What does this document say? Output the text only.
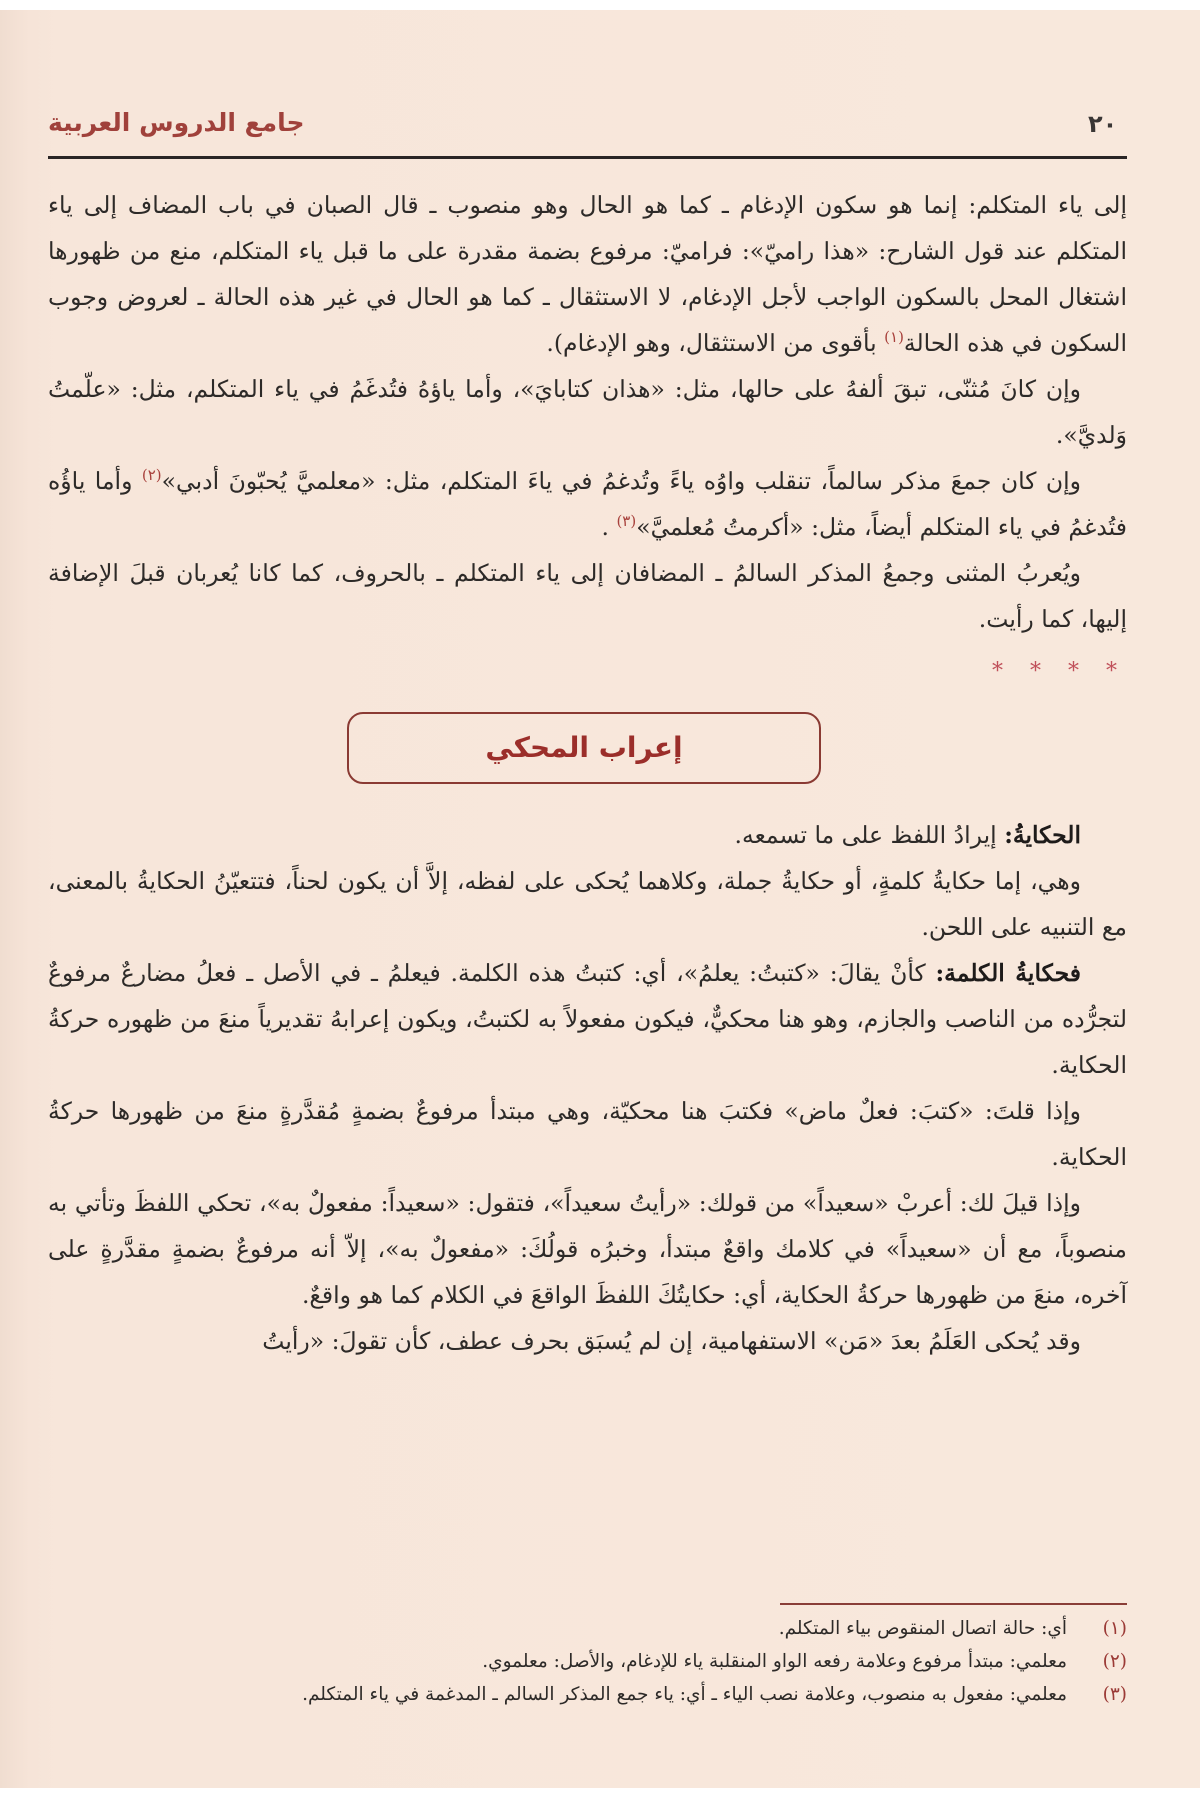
جامع الدروس العربية	٢٠

إلى ياء المتكلم: إنما هو سكون الإدغام ـ كما هو الحال وهو منصوب ـ قال الصبان في باب المضاف إلى ياء المتكلم عند قول الشارح: «هذا راميّ»: فراميّ: مرفوع بضمة مقدرة على ما قبل ياء المتكلم، منع من ظهورها اشتغال المحل بالسكون الواجب لأجل الإدغام، لا الاستثقال ـ كما هو الحال في غير هذه الحالة ـ لعروض وجوب السكون في هذه الحالة$^{(١)}$ بأقوى من الاستثقال، وهو الإدغام).

وإن كانَ مُثنّى، تبقَ ألفهُ على حالها، مثل: «هذان كتابايَ»، وأما ياؤهُ فتُدغَمُ في ياء المتكلم، مثل: «علّمتُ وَلديَّ».

وإن كان جمعَ مذكر سالماً، تنقلب واوُه ياءً وتُدغمُ في ياءَ المتكلم، مثل: «معلميَّ يُحبّونَ أدبي»$^{(٢)}$ وأما ياؤُه فتُدغمُ في ياء المتكلم أيضاً، مثل: «أكرمتُ مُعلميَّ»$^{(٣)}$ .

ويُعربُ المثنى وجمعُ المذكر السالمُ ـ المضافان إلى ياء المتكلم ـ بالحروف، كما كانا يُعربان قبلَ الإضافة إليها، كما رأيت.

* * * *
إعراب المحكي

الحكايةُ: إيرادُ اللفظ على ما تسمعه.

وهي، إما حكايةُ كلمةٍ، أو حكايةُ جملة، وكلاهما يُحكى على لفظه، إلاَّ أن يكون لحناً، فتتعيّنُ الحكايةُ بالمعنى، مع التنبيه على اللحن.

فحكايةُ الكلمة: كأنْ يقالَ: «كتبتُ: يعلمُ»، أي: كتبتُ هذه الكلمة. فيعلمُ ـ في الأصل ـ فعلُ مضارعٌ مرفوعٌ لتجرُّده من الناصب والجازم، وهو هنا محكيٌّ، فيكون مفعولاً به لكتبتُ، ويكون إعرابهُ تقديرياً منعَ من ظهوره حركةُ الحكاية.

وإذا قلتَ: «كتبَ: فعلٌ ماض» فكتبَ هنا محكيّة، وهي مبتدأ مرفوعٌ بضمةٍ مُقدَّرةٍ منعَ من ظهورها حركةُ الحكاية.

وإذا قيلَ لك: أعربْ «سعيداً» من قولك: «رأيتُ سعيداً»، فتقول: «سعيداً: مفعولٌ به»، تحكي اللفظَ وتأتي به منصوباً، مع أن «سعيداً» في كلامك واقعٌ مبتدأ، وخبرُه قولُكَ: «مفعولٌ به»، إلاّ أنه مرفوعٌ بضمةٍ مقدَّرةٍ على آخره، منعَ من ظهورها حركةُ الحكاية، أي: حكايتُكَ اللفظَ الواقعَ في الكلام كما هو واقعٌ.

وقد يُحكى العَلَمُ بعدَ «مَن» الاستفهامية، إن لم يُسبَق بحرف عطف، كأن تقولَ: «رأيتُ

(١)
أي: حالة اتصال المنقوص بياء المتكلم.
(٢)
معلمي: مبتدأ مرفوع وعلامة رفعه الواو المنقلبة ياء للإدغام، والأصل: معلموي.
(٣)
معلمي: مفعول به منصوب، وعلامة نصب الياء ـ أي: ياء جمع المذكر السالم ـ المدغمة في ياء المتكلم.
